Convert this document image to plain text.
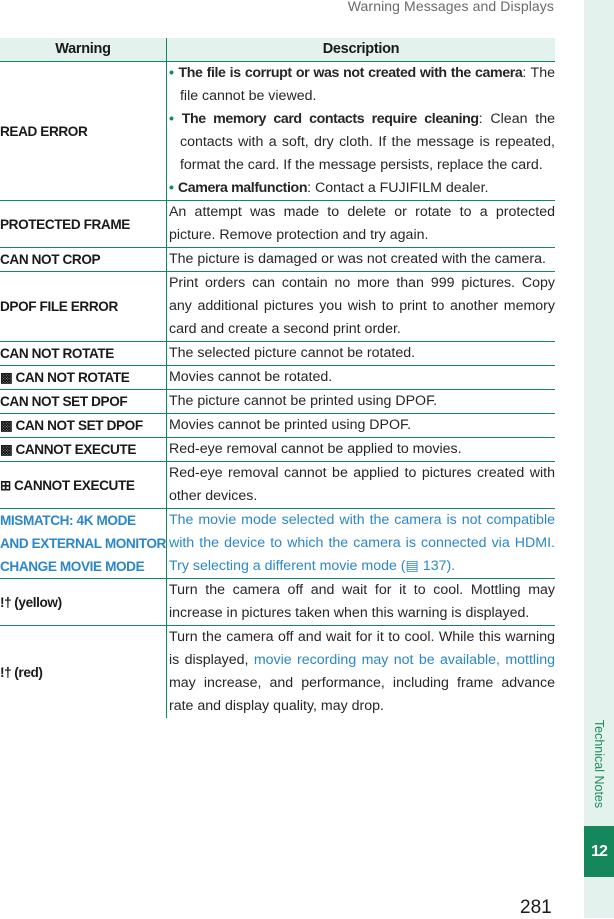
Warning Messages and Displays
Technical Notes
12
281
Warning	Description
READ ERROR	• The file is corrupt or was not created with the camera: The file cannot be viewed.
• The memory card contacts require cleaning: Clean the contacts with a soft, dry cloth. If the message is repeated, format the card. If the message persists, replace the card.
• Camera malfunction: Contact a FUJIFILM dealer.

PROTECTED FRAME	An attempt was made to delete or rotate to a protected picture. Remove protection and try again.
CAN NOT CROP	The picture is damaged or was not created with the camera.
DPOF FILE ERROR	Print orders can contain no more than 999 pictures. Copy any additional pictures you wish to print to another memory card and create a second print order.
CAN NOT ROTATE	The selected picture cannot be rotated.
▩ CAN NOT ROTATE	Movies cannot be rotated.
CAN NOT SET DPOF	The picture cannot be printed using DPOF.
▩ CAN NOT SET DPOF	Movies cannot be printed using DPOF.
▩ CANNOT EXECUTE	Red-eye removal cannot be applied to movies.
⊞ CANNOT EXECUTE	Red-eye removal cannot be applied to pictures created with other devices.
MISMATCH: 4K MODE
AND EXTERNAL MONITOR
CHANGE MOVIE MODE	The movie mode selected with the camera is not compatible with the device to which the camera is connected via HDMI. Try selecting a different movie mode (▤ 137).
!† (yellow)	Turn the camera off and wait for it to cool. Mottling may increase in pictures taken when this warning is displayed.
!† (red)	Turn the camera off and wait for it to cool. While this warning is displayed, movie recording may not be available, mottling may increase, and performance, including frame advance rate and display quality, may drop.
